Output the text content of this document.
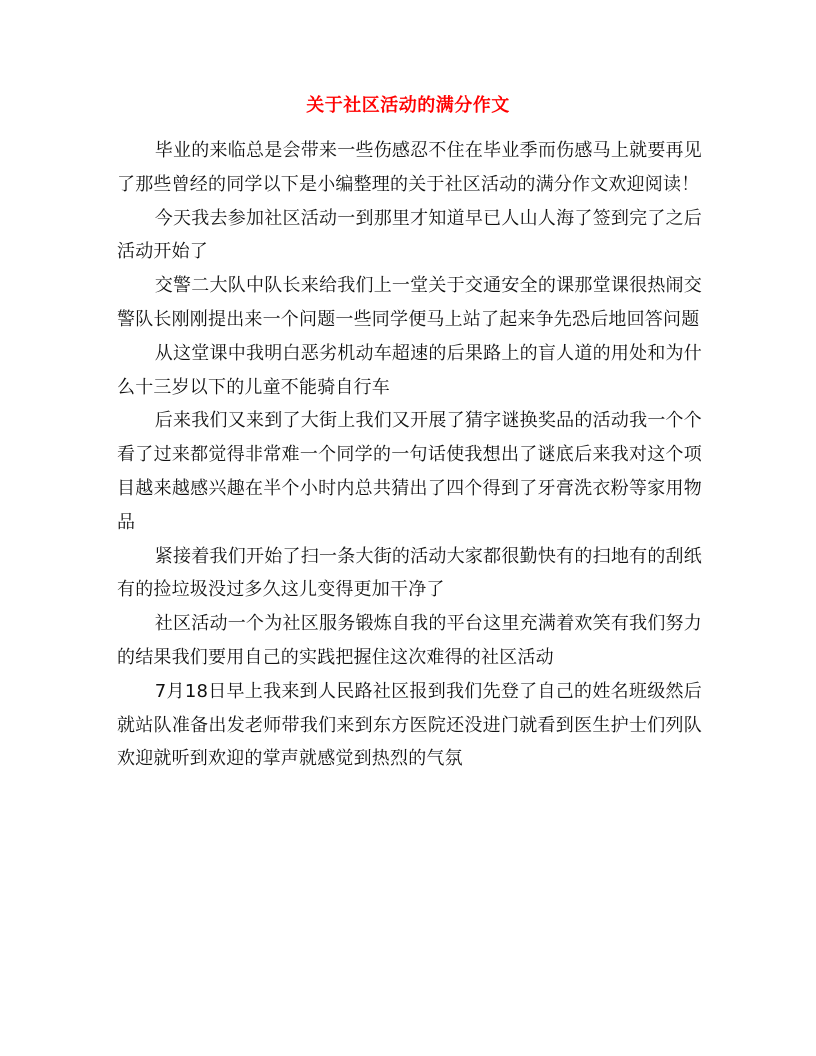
关于社区活动的满分作文

毕业的来临总是会带来一些伤感忍不住在毕业季而伤感马上就要再见了那些曾经的同学以下是小编整理的关于社区活动的满分作文欢迎阅读！

今天我去参加社区活动一到那里才知道早已人山人海了签到完了之后活动开始了

交警二大队中队长来给我们上一堂关于交通安全的课那堂课很热闹交警队长刚刚提出来一个问题一些同学便马上站了起来争先恐后地回答问题

从这堂课中我明白恶劣机动车超速的后果路上的盲人道的用处和为什么十三岁以下的儿童不能骑自行车

后来我们又来到了大街上我们又开展了猜字谜换奖品的活动我一个个看了过来都觉得非常难一个同学的一句话使我想出了谜底后来我对这个项目越来越感兴趣在半个小时内总共猜出了四个得到了牙膏洗衣粉等家用物品

紧接着我们开始了扫一条大街的活动大家都很勤快有的扫地有的刮纸有的捡垃圾没过多久这儿变得更加干净了

社区活动一个为社区服务锻炼自我的平台这里充满着欢笑有我们努力的结果我们要用自己的实践把握住这次难得的社区活动

7月18日早上我来到人民路社区报到我们先登了自己的姓名班级然后就站队准备出发老师带我们来到东方医院还没进门就看到医生护士们列队欢迎就听到欢迎的掌声就感觉到热烈的气氛
